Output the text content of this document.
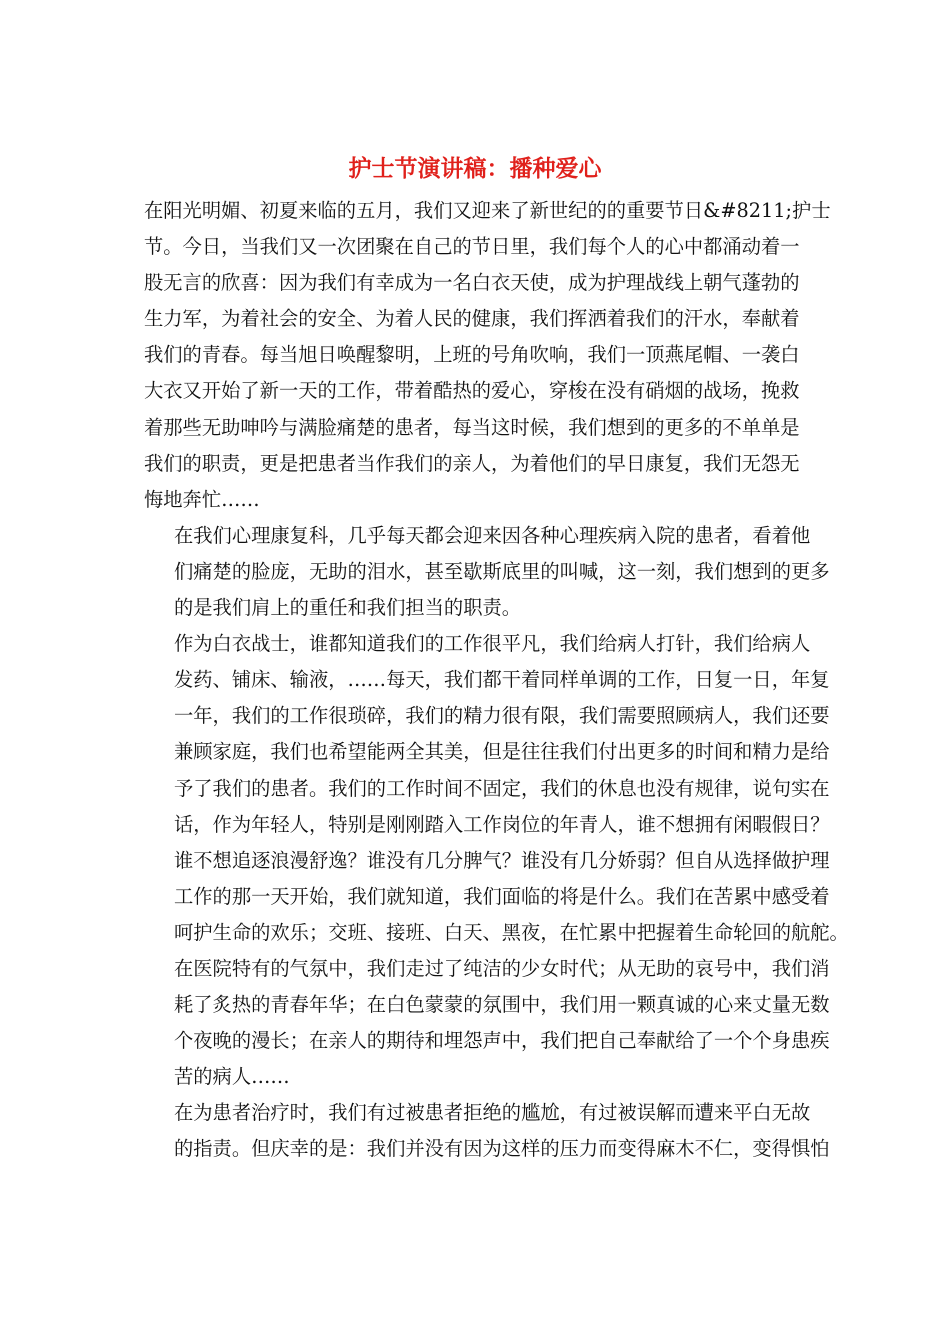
护士节演讲稿：播种爱心

在阳光明媚、初夏来临的五月，我们又迎来了新世纪的的重要节日&#8211;护士
节。今日，当我们又一次团聚在自己的节日里，我们每个人的心中都涌动着一
股无言的欣喜：因为我们有幸成为一名白衣天使，成为护理战线上朝气蓬勃的
生力军，为着社会的安全、为着人民的健康，我们挥洒着我们的汗水，奉献着
我们的青春。每当旭日唤醒黎明，上班的号角吹响，我们一顶燕尾帽、一袭白
大衣又开始了新一天的工作，带着酷热的爱心，穿梭在没有硝烟的战场，挽救
着那些无助呻吟与满脸痛楚的患者，每当这时候，我们想到的更多的不单单是
我们的职责，更是把患者当作我们的亲人，为着他们的早日康复，我们无怨无
悔地奔忙……

在我们心理康复科，几乎每天都会迎来因各种心理疾病入院的患者，看着他
们痛楚的脸庞，无助的泪水，甚至歇斯底里的叫喊，这一刻，我们想到的更多
的是我们肩上的重任和我们担当的职责。

作为白衣战士，谁都知道我们的工作很平凡，我们给病人打针，我们给病人
发药、铺床、输液，……每天，我们都干着同样单调的工作，日复一日，年复
一年，我们的工作很琐碎，我们的精力很有限，我们需要照顾病人，我们还要
兼顾家庭，我们也希望能两全其美，但是往往我们付出更多的时间和精力是给
予了我们的患者。我们的工作时间不固定，我们的休息也没有规律，说句实在
话，作为年轻人，特别是刚刚踏入工作岗位的年青人，谁不想拥有闲暇假日？
谁不想追逐浪漫舒逸？谁没有几分脾气？谁没有几分娇弱？但自从选择做护理
工作的那一天开始，我们就知道，我们面临的将是什么。我们在苦累中感受着
呵护生命的欢乐；交班、接班、白天、黑夜，在忙累中把握着生命轮回的航舵。
在医院特有的气氛中，我们走过了纯洁的少女时代；从无助的哀号中，我们消
耗了炙热的青春年华；在白色蒙蒙的氛围中，我们用一颗真诚的心来丈量无数
个夜晚的漫长；在亲人的期待和埋怨声中，我们把自己奉献给了一个个身患疾
苦的病人……

在为患者治疗时，我们有过被患者拒绝的尴尬，有过被误解而遭来平白无故
的指责。但庆幸的是：我们并没有因为这样的压力而变得麻木不仁，变得惧怕
